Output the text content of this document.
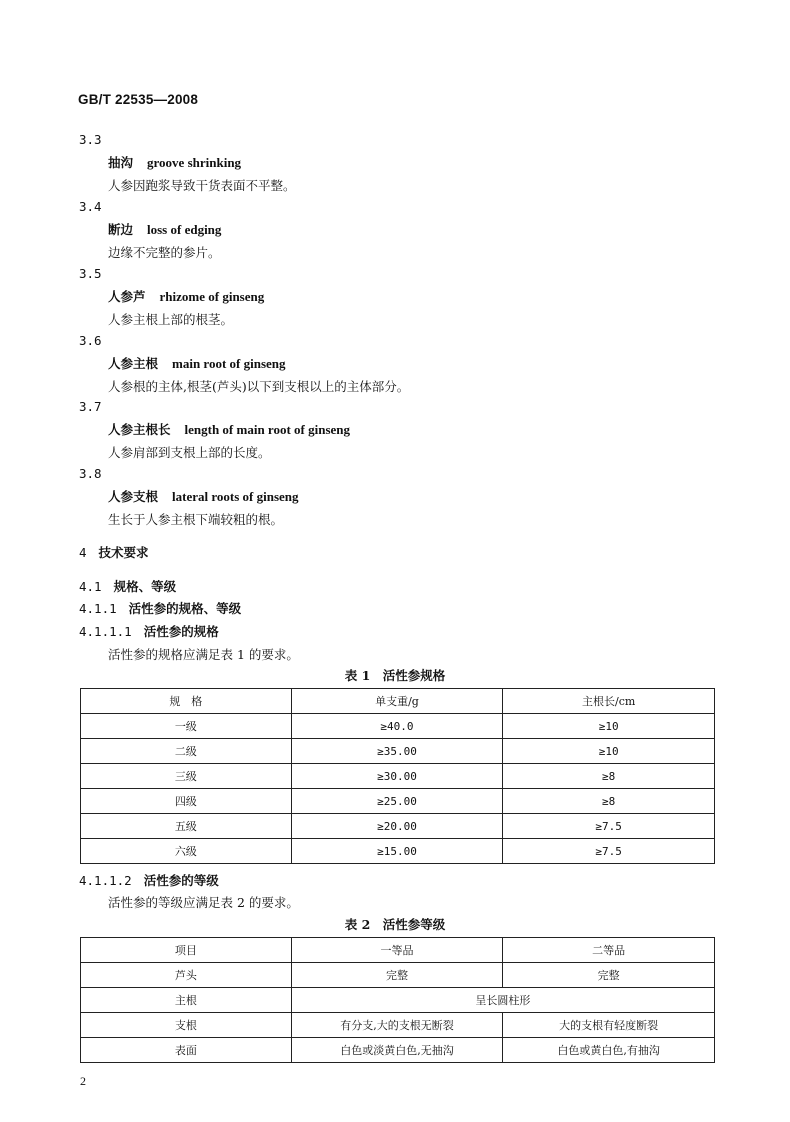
GB/T 22535—2008
3.3
抽沟 groove shrinking
人参因跑浆导致干货表面不平整。
3.4
断边 loss of edging
边缘不完整的参片。
3.5
人参芦 rhizome of ginseng
人参主根上部的根茎。
3.6
人参主根 main root of ginseng
人参根的主体,根茎(芦头)以下到支根以上的主体部分。
3.7
人参主根长 length of main root of ginseng
人参肩部到支根上部的长度。
3.8
人参支根 lateral roots of ginseng
生长于人参主根下端较粗的根。
4 技术要求
4.1 规格、等级
4.1.1 活性参的规格、等级
4.1.1.1 活性参的规格
活性参的规格应满足表 1 的要求。
表 1　活性参规格
规　格	单支重/g	主根长/cm
一级	≥40.0	≥10
二级	≥35.00	≥10
三级	≥30.00	≥8
四级	≥25.00	≥8
五级	≥20.00	≥7.5
六级	≥15.00	≥7.5
4.1.1.2 活性参的等级
活性参的等级应满足表 2 的要求。
表 2　活性参等级
项目	一等品	二等品
芦头	完整	完整
主根	呈长圆柱形	
支根	有分支,大的支根无断裂	大的支根有轻度断裂
表面	白色或淡黄白色,无抽沟	白色或黄白色,有抽沟
2
